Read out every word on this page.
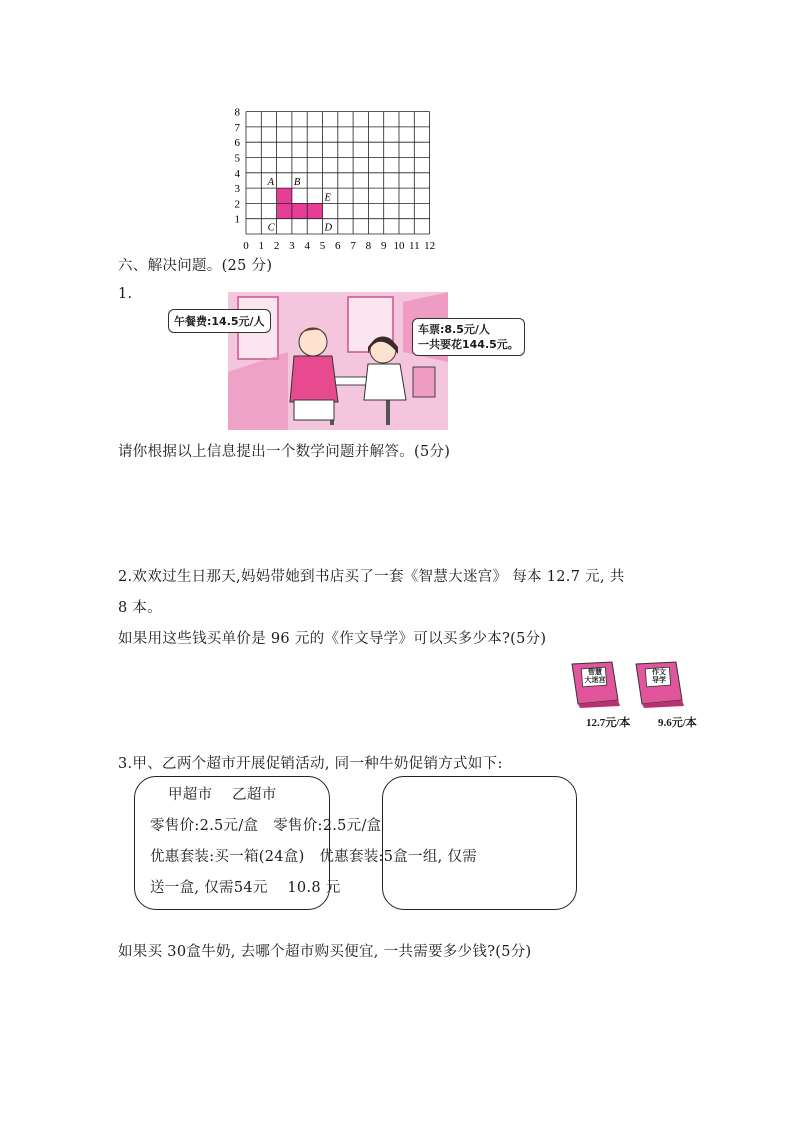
0 1 2 3 4 5 6 7 8 9 10 11 12
1
2
3
4
5
6
7
8
A B
C	D
E
六、解决问题。(25 分)
1.
午餐费:14.5元/人
车票:8.5元/人
一共要花144.5元。
请你根据以上信息提出一个数学问题并解答。(5分)
2.欢欢过生日那天,妈妈带她到书店买了一套《智慧大迷宫》 每本 12.7 元, 共
8 本。
如果用这些钱买单价是 96 元的《作文导学》可以买多少本?(5分)
智慧
大迷宫
作文
导学
12.7元/本	9.6元/本
3.甲、乙两个超市开展促销活动, 同一种牛奶促销方式如下:
甲超市　 乙超市
零售价:2.5元/盒　零售价:2.5元/盒
优惠套装:买一箱(24盒)　优惠套装:5盒一组, 仅需
送一盒, 仅需54元　 10.8 元
如果买 30盒牛奶, 去哪个超市购买便宜, 一共需要多少钱?(5分)
